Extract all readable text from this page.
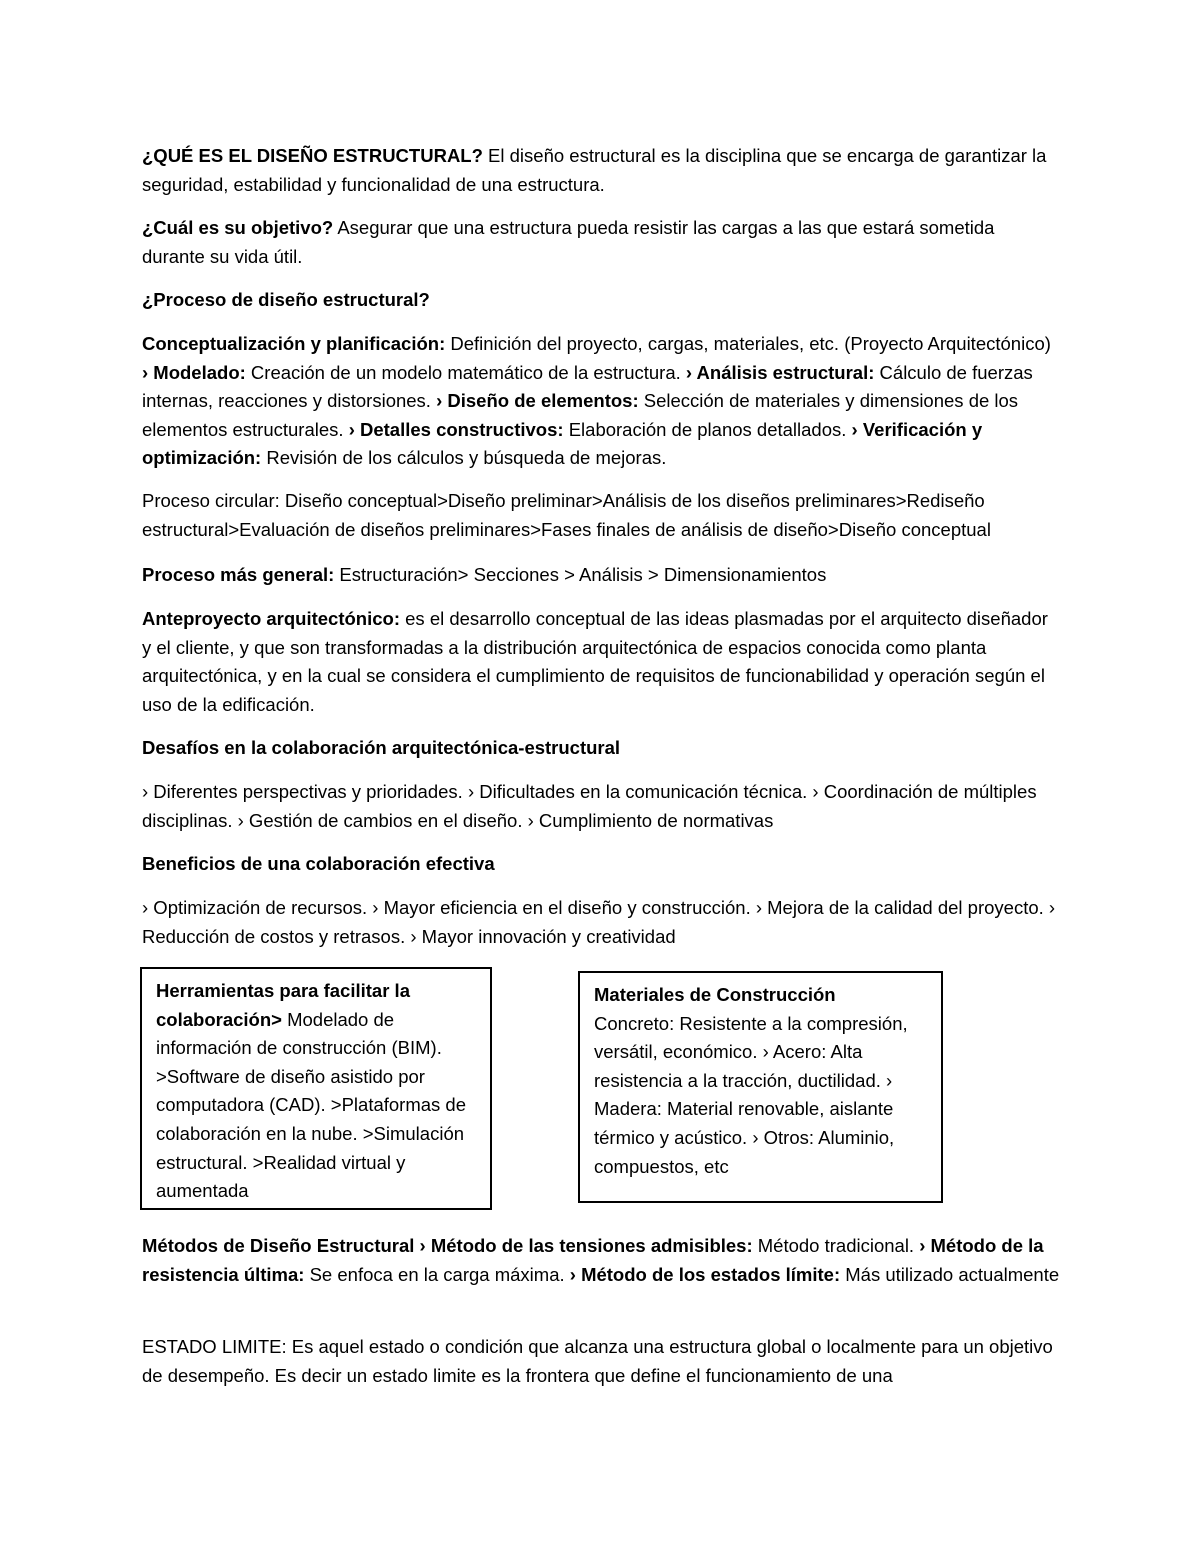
¿QUÉ ES EL DISEÑO ESTRUCTURAL? El diseño estructural es la disciplina que se encarga de garantizar la seguridad, estabilidad y funcionalidad de una estructura.

¿Cuál es su objetivo? Asegurar que una estructura pueda resistir las cargas a las que estará sometida durante su vida útil.

¿Proceso de diseño estructural?

Conceptualización y planificación: Definición del proyecto, cargas, materiales, etc. (Proyecto Arquitectónico) › Modelado: Creación de un modelo matemático de la estructura. › Análisis estructural: Cálculo de fuerzas internas, reacciones y distorsiones. › Diseño de elementos: Selección de materiales y dimensiones de los elementos estructurales. › Detalles constructivos: Elaboración de planos detallados. › Verificación y optimización: Revisión de los cálculos y búsqueda de mejoras.

Proceso circular: Diseño conceptual>Diseño preliminar>Análisis de los diseños preliminares>Rediseño estructural>Evaluación de diseños preliminares>Fases finales de análisis de diseño>Diseño conceptual

Proceso más general: Estructuración> Secciones > Análisis > Dimensionamientos

Anteproyecto arquitectónico: es el desarrollo conceptual de las ideas plasmadas por el arquitecto diseñador y el cliente, y que son transformadas a la distribución arquitectónica de espacios conocida como planta arquitectónica, y en la cual se considera el cumplimiento de requisitos de funcionabilidad y operación según el uso de la edificación.

Desafíos en la colaboración arquitectónica-estructural

› Diferentes perspectivas y prioridades. › Dificultades en la comunicación técnica. › Coordinación de múltiples disciplinas. › Gestión de cambios en el diseño. › Cumplimiento de normativas

Beneficios de una colaboración efectiva

› Optimización de recursos. › Mayor eficiencia en el diseño y construcción. › Mejora de la calidad del proyecto. › Reducción de costos y retrasos. › Mayor innovación y creatividad

Herramientas para facilitar la colaboración> Modelado de información de construcción (BIM). >Software de diseño asistido por computadora (CAD). >Plataformas de colaboración en la nube. >Simulación estructural. >Realidad virtual y aumentada
Materiales de Construcción
Concreto: Resistente a la compresión, versátil, económico. › Acero: Alta resistencia a la tracción, ductilidad. › Madera: Material renovable, aislante térmico y acústico. › Otros: Aluminio, compuestos, etc

Métodos de Diseño Estructural › Método de las tensiones admisibles: Método tradicional. › Método de la resistencia última: Se enfoca en la carga máxima. › Método de los estados límite: Más utilizado actualmente

ESTADO LIMITE: Es aquel estado o condición que alcanza una estructura global o localmente para un objetivo de desempeño. Es decir un estado limite es la frontera que define el funcionamiento de una
